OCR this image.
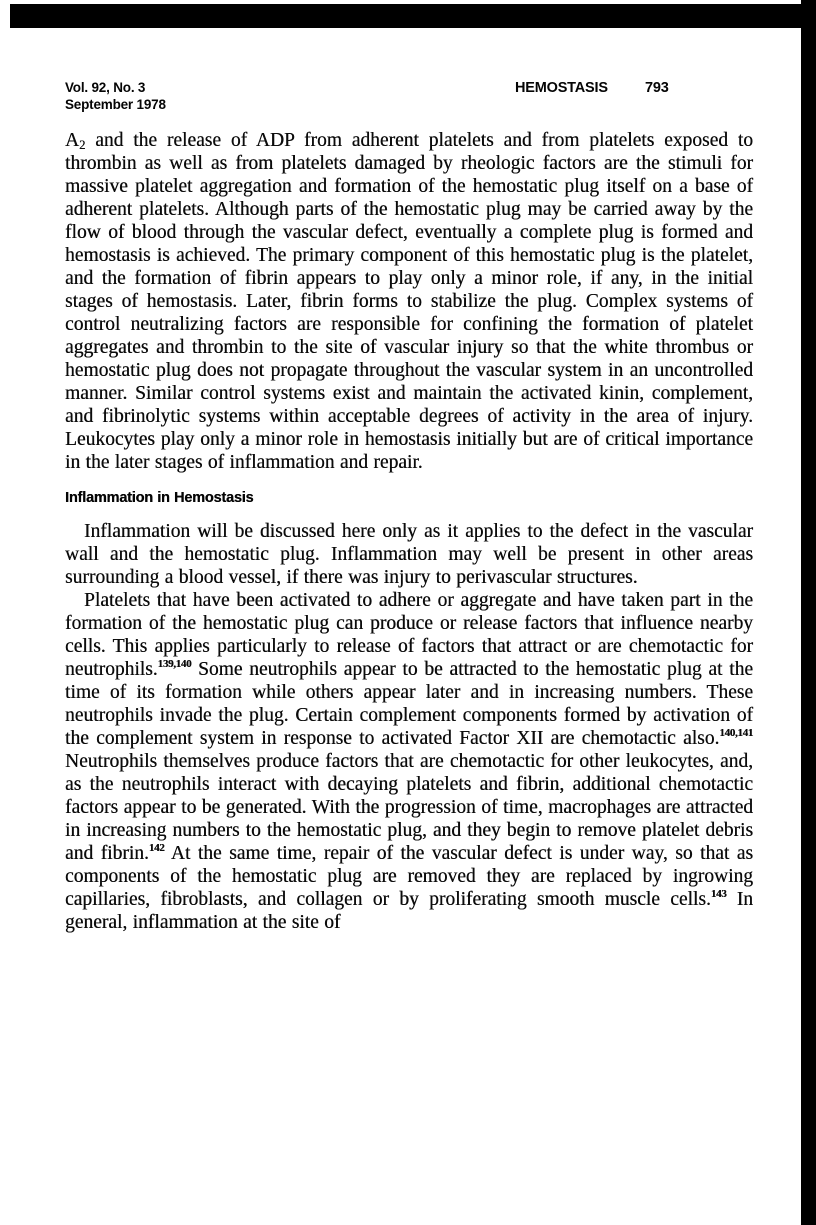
Vol. 92, No. 3
September 1978
HEMOSTASIS	793

$A_2$ and the release of ADP from adherent platelets and from platelets exposed to thrombin as well as from platelets damaged by rheologic factors are the stimuli for massive platelet aggregation and formation of the hemostatic plug itself on a base of adherent platelets. Although parts of the hemostatic plug may be carried away by the flow of blood through the vascular defect, eventually a complete plug is formed and hemostasis is achieved. The primary component of this hemostatic plug is the platelet, and the formation of fibrin appears to play only a minor role, if any, in the initial stages of hemostasis. Later, fibrin forms to stabilize the plug. Complex systems of control neutralizing factors are responsible for confining the formation of platelet aggregates and thrombin to the site of vascular injury so that the white thrombus or hemostatic plug does not propagate throughout the vascular system in an uncontrolled manner. Similar control systems exist and maintain the activated kinin, complement, and fibrinolytic systems within acceptable degrees of activity in the area of injury. Leukocytes play only a minor role in hemostasis initially but are of critical importance in the later stages of inflammation and repair.

Inflammation in Hemostasis

Inflammation will be discussed here only as it applies to the defect in the vascular wall and the hemostatic plug. Inflammation may well be present in other areas surrounding a blood vessel, if there was injury to perivascular structures.

Platelets that have been activated to adhere or aggregate and have taken part in the formation of the hemostatic plug can produce or release factors that influence nearby cells. This applies particularly to release of factors that attract or are chemotactic for neutrophils.$^{139,140}$ Some neutrophils appear to be attracted to the hemostatic plug at the time of its formation while others appear later and in increasing numbers. These neutrophils invade the plug. Certain complement components formed by activation of the complement system in response to activated Factor XII are chemotactic also.$^{140,141}$ Neutrophils themselves produce factors that are chemotactic for other leukocytes, and, as the neutrophils interact with decaying platelets and fibrin, additional chemotactic factors appear to be generated. With the progression of time, macrophages are attracted in increasing numbers to the hemostatic plug, and they begin to remove platelet debris and fibrin.$^{142}$ At the same time, repair of the vascular defect is under way, so that as components of the hemostatic plug are removed they are replaced by ingrowing capillaries, fibroblasts, and collagen or by proliferating smooth muscle cells.$^{143}$ In general, inflammation at the site of
